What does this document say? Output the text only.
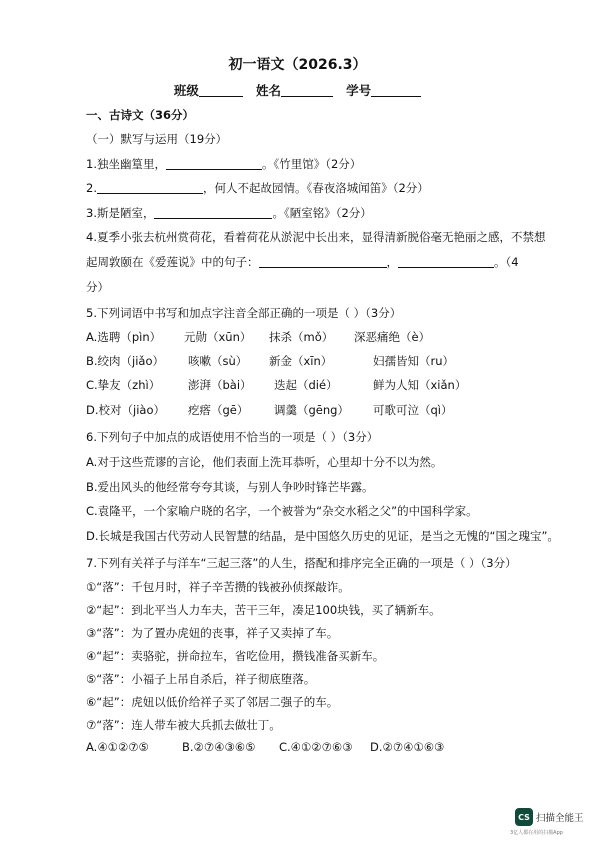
初一语文（2026.3）
班级	姓名	学号
一、古诗文（36分）
（一）默写与运用（19分）
1.独坐幽篁里，	。《竹里馆》（2分）
2.	，何人不起故园情。《春夜洛城闻笛》（2分）
3.斯是陋室，	。《陋室铭》（2分）
4.夏季小张去杭州赏荷花，看着荷花从淤泥中长出来，显得清新脱俗毫无艳丽之感，不禁想
起周敦颐在《爱莲说》中的句子：	，	。（4
分）
5.下列词语中书写和加点字注音全部正确的一项是（ ）（3分）
A.选聘（pìn） 元勋（xūn） 抹杀（mǒ） 深恶痛绝（è）
B.绞肉（jiǎo） 咳嗽（sù） 新金（xīn）	妇孺皆知（ru）
C.挚友（zhì） 澎湃（bài） 迭起（dié）	鲜为人知（xiǎn）
D.校对（jiào） 疙瘩（gē） 调羹（gēng） 可歌可泣（qì）
6.下列句子中加点的成语使用不恰当的一项是（ ）（3分）
A.对于这些荒谬的言论，他们表面上洗耳恭听，心里却十分不以为然。
B.爱出风头的他经常夸夸其谈，与别人争吵时锋芒毕露。
C.袁隆平，一个家喻户晓的名字，一个被誉为“杂交水稻之父”的中国科学家。
D.长城是我国古代劳动人民智慧的结晶，是中国悠久历史的见证，是当之无愧的“国之瑰宝”。
7.下列有关祥子与洋车“三起三落”的人生，搭配和排序完全正确的一项是（ ）（3分）
①“落”：千包月时，祥子辛苦攒的钱被孙侦探敲诈。
②“起”：到北平当人力车夫，苦干三年，凑足100块钱，买了辆新车。
③“落”：为了置办虎妞的丧事，祥子又卖掉了车。
④“起”：卖骆驼，拼命拉车，省吃俭用，攒钱准备买新车。
⑤“落”：小福子上吊自杀后，祥子彻底堕落。
⑥“起”：虎妞以低价给祥子买了邻居二强子的车。
⑦“落”：连人带车被大兵抓去做壮丁。
A.④①②⑦⑤	B.②⑦④③⑥⑤ C.④①②⑦⑥③ D.②⑦④①⑥③
CS 扫描全能王
3亿人都在用的扫描App
